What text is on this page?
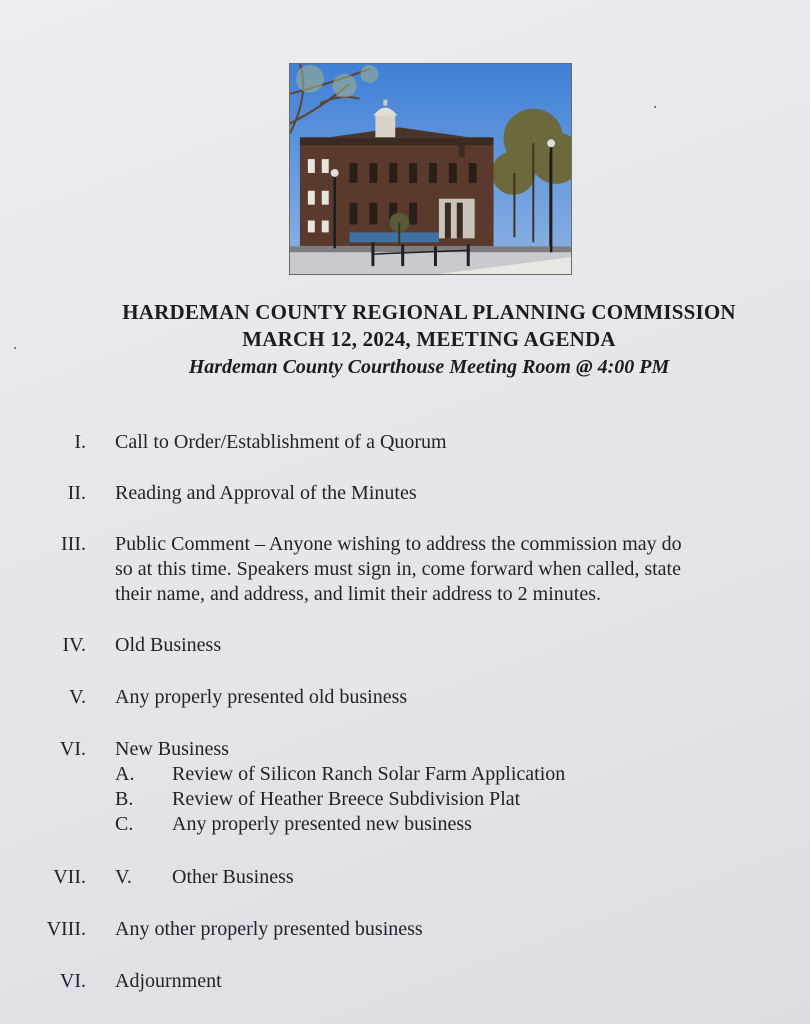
HARDEMAN COUNTY REGIONAL PLANNING COMMISSION
MARCH 12, 2024, MEETING AGENDA
Hardeman County Courthouse Meeting Room @ 4:00 PM
I. Call to Order/Establishment of a Quorum
II. Reading and Approval of the Minutes
III. Public Comment – Anyone wishing to address the commission may do
so at this time. Speakers must sign in, come forward when called, state
their name, and address, and limit their address to 2 minutes.
IV. Old Business
V. Any properly presented old business
VI. New Business
A.	Review of Silicon Ranch Solar Farm Application
B.	Review of Heather Breece Subdivision Plat
C.	Any properly presented new business
VII. V.	Other Business
VIII. Any other properly presented business
VI. Adjournment
